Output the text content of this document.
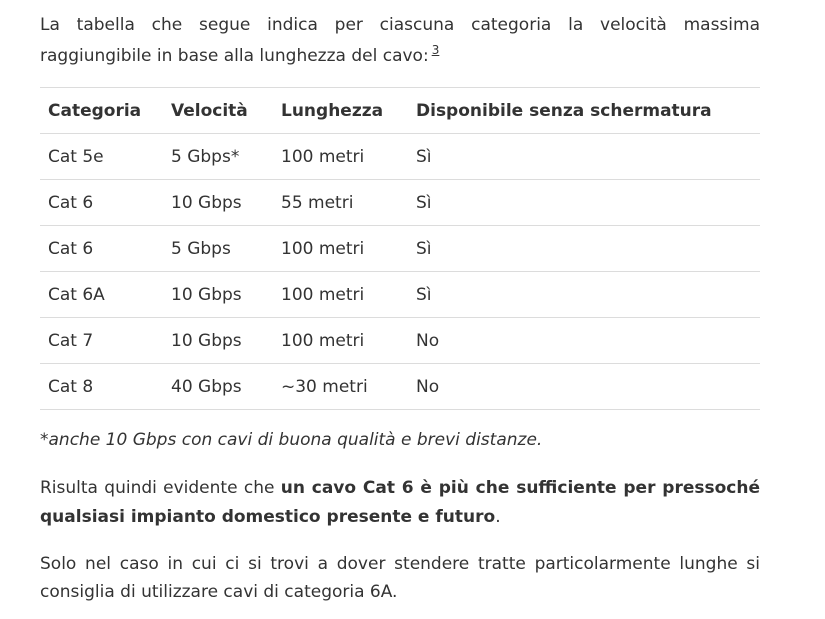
La tabella che segue indica per ciascuna categoria la velocità massima raggiungibile in base alla lunghezza del cavo: $^3$

Categoria	Velocità	Lunghezza	Disponibile senza schermatura
Cat 5e	5 Gbps*	100 metri	Sì
Cat 6	10 Gbps	55 metri	Sì
Cat 6	5 Gbps	100 metri	Sì
Cat 6A	10 Gbps	100 metri	Sì
Cat 7	10 Gbps	100 metri	No
Cat 8	40 Gbps	~30 metri	No

*anche 10 Gbps con cavi di buona qualità e brevi distanze.

Risulta quindi evidente che un cavo Cat 6 è più che sufficiente per pressoché qualsiasi impianto domestico presente e futuro.

Solo nel caso in cui ci si trovi a dover stendere tratte particolarmente lunghe si consiglia di utilizzare cavi di categoria 6A.
